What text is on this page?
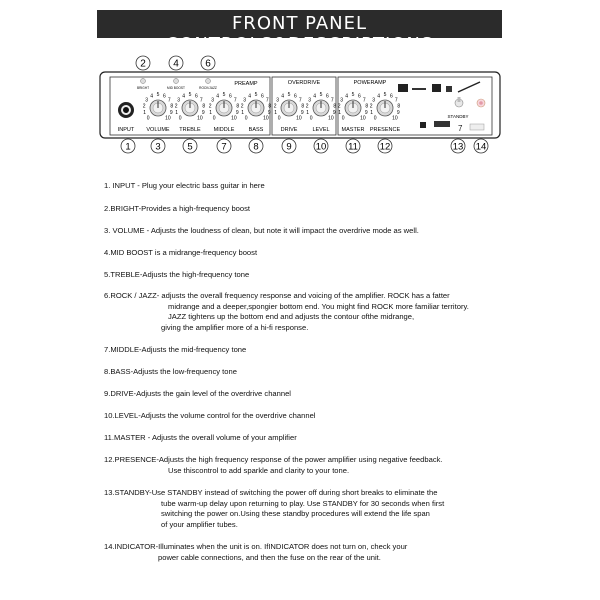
FRONT PANEL CONTROLS&DESCRIPTIONS
2	4	6
PREAMP	OVERDRIVE	POWERAMP
BRIGHT	MID BOOST	ROCK/JAZZ
INPUT
0
1
2
3
4 5 6
7
8
9
10
VOLUME
0
1
2
3
4 5 6
7
8
9
10
TREBLE
0
1
2
3
4 5 6
7
8
9
10
MIDDLE
0
1
2
3
4 5 6
7
8
9
10
BASS
0
1
2
3
4 5 6
7
8
9
10
DRIVE
0
1
2
3
4 5 6
7
8
9
10
LEVEL
0
1
2
3
4 5 6
7
8
9
10
MASTER
0
1
2
3
4 5 6
7
8
9
10
PRESENCE	7
STANDBY
1	3	5	7	8	9	10 11 12	13 14
1. INPUT - Plug your electric bass guitar in here
2.BRIGHT-Provides a high-frequency boost
3. VOLUME - Adjusts the loudness of clean, but note it will impact the overdrive mode as well.
4.MID BOOST is a midrange-frequency boost
5.TREBLE-Adjusts the high-frequency tone
6.ROCK / JAZZ- adjusts the overall frequency response and voicing of the amplifier. ROCK has a fatter
midrange and a deeper,spongier bottom end. You might find ROCK more familiar territory.
JAZZ tightens up the bottom end and adjusts the contour ofthe midrange,
giving the amplifier more of a hi-fi response.
7.MIDDLE-Adjusts the mid-frequency tone
8.BASS-Adjusts the low-frequency tone
9.DRIVE-Adjusts the gain level of the overdrive channel
10.LEVEL-Adjusts the volume control for the overdrive channel
11.MASTER - Adjusts the overall volume of your amplifier
12.PRESENCE-Adjusts the high frequency response of the power amplifier using negative feedback.
Use thiscontrol to add sparkle and clarity to your tone.
13.STANDBY-Use STANDBY instead of switching the power off during short breaks to eliminate the
tube warm-up delay upon returning to play. Use STANDBY for 30 seconds when first
switching the power on.Using these standby procedures will extend the life span
of your amplifier tubes.
14.INDICATOR-Illuminates when the unit is on. IfINDICATOR does not turn on, check your
power cable connections, and then the fuse on the rear of the unit.
